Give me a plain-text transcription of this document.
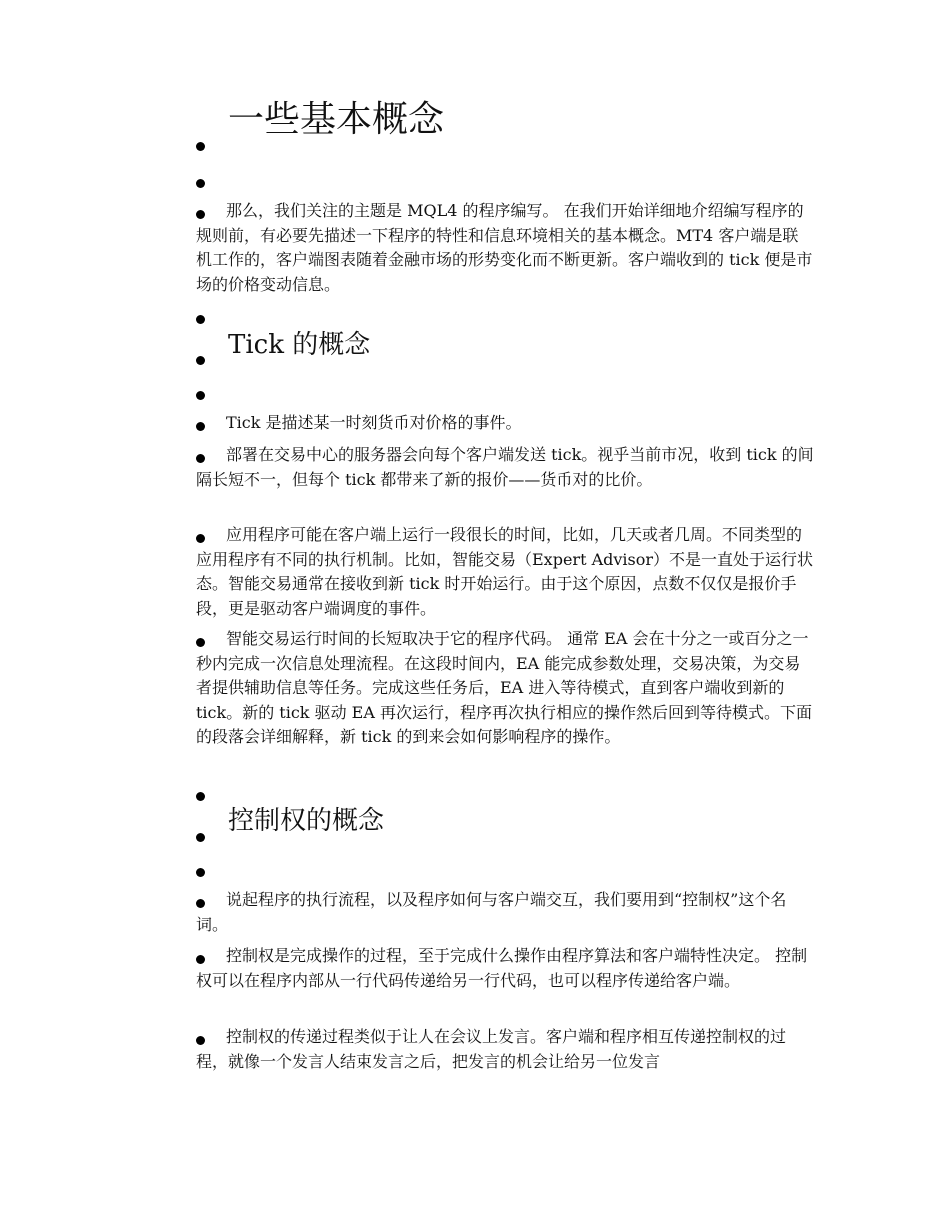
一些基本概念

那么，我们关注的主题是 MQL4 的程序编写。 在我们开始详细地介绍编写程序的规则前，有必要先描述一下程序的特性和信息环境相关的基本概念。MT4 客户端是联机工作的，客户端图表随着金融市场的形势变化而不断更新。客户端收到的 tick 便是市场的价格变动信息。

Tick 的概念

Tick 是描述某一时刻货币对价格的事件。

部署在交易中心的服务器会向每个客户端发送 tick。视乎当前市况，收到 tick 的间隔长短不一，但每个 tick 都带来了新的报价——货币对的比价。

应用程序可能在客户端上运行一段很长的时间，比如，几天或者几周。不同类型的应用程序有不同的执行机制。比如，智能交易（Expert Advisor）不是一直处于运行状态。智能交易通常在接收到新 tick 时开始运行。由于这个原因，点数不仅仅是报价手段，更是驱动客户端调度的事件。

智能交易运行时间的长短取决于它的程序代码。 通常 EA 会在十分之一或百分之一秒内完成一次信息处理流程。在这段时间内，EA 能完成参数处理，交易决策，为交易者提供辅助信息等任务。完成这些任务后，EA 进入等待模式，直到客户端收到新的 tick。新的 tick 驱动 EA 再次运行，程序再次执行相应的操作然后回到等待模式。下面的段落会详细解释，新 tick 的到来会如何影响程序的操作。

控制权的概念

说起程序的执行流程，以及程序如何与客户端交互，我们要用到“控制权”这个名词。

控制权是完成操作的过程，至于完成什么操作由程序算法和客户端特性决定。 控制权可以在程序内部从一行代码传递给另一行代码，也可以程序传递给客户端。

控制权的传递过程类似于让人在会议上发言。客户端和程序相互传递控制权的过程，就像一个发言人结束发言之后，把发言的机会让给另一位发言
